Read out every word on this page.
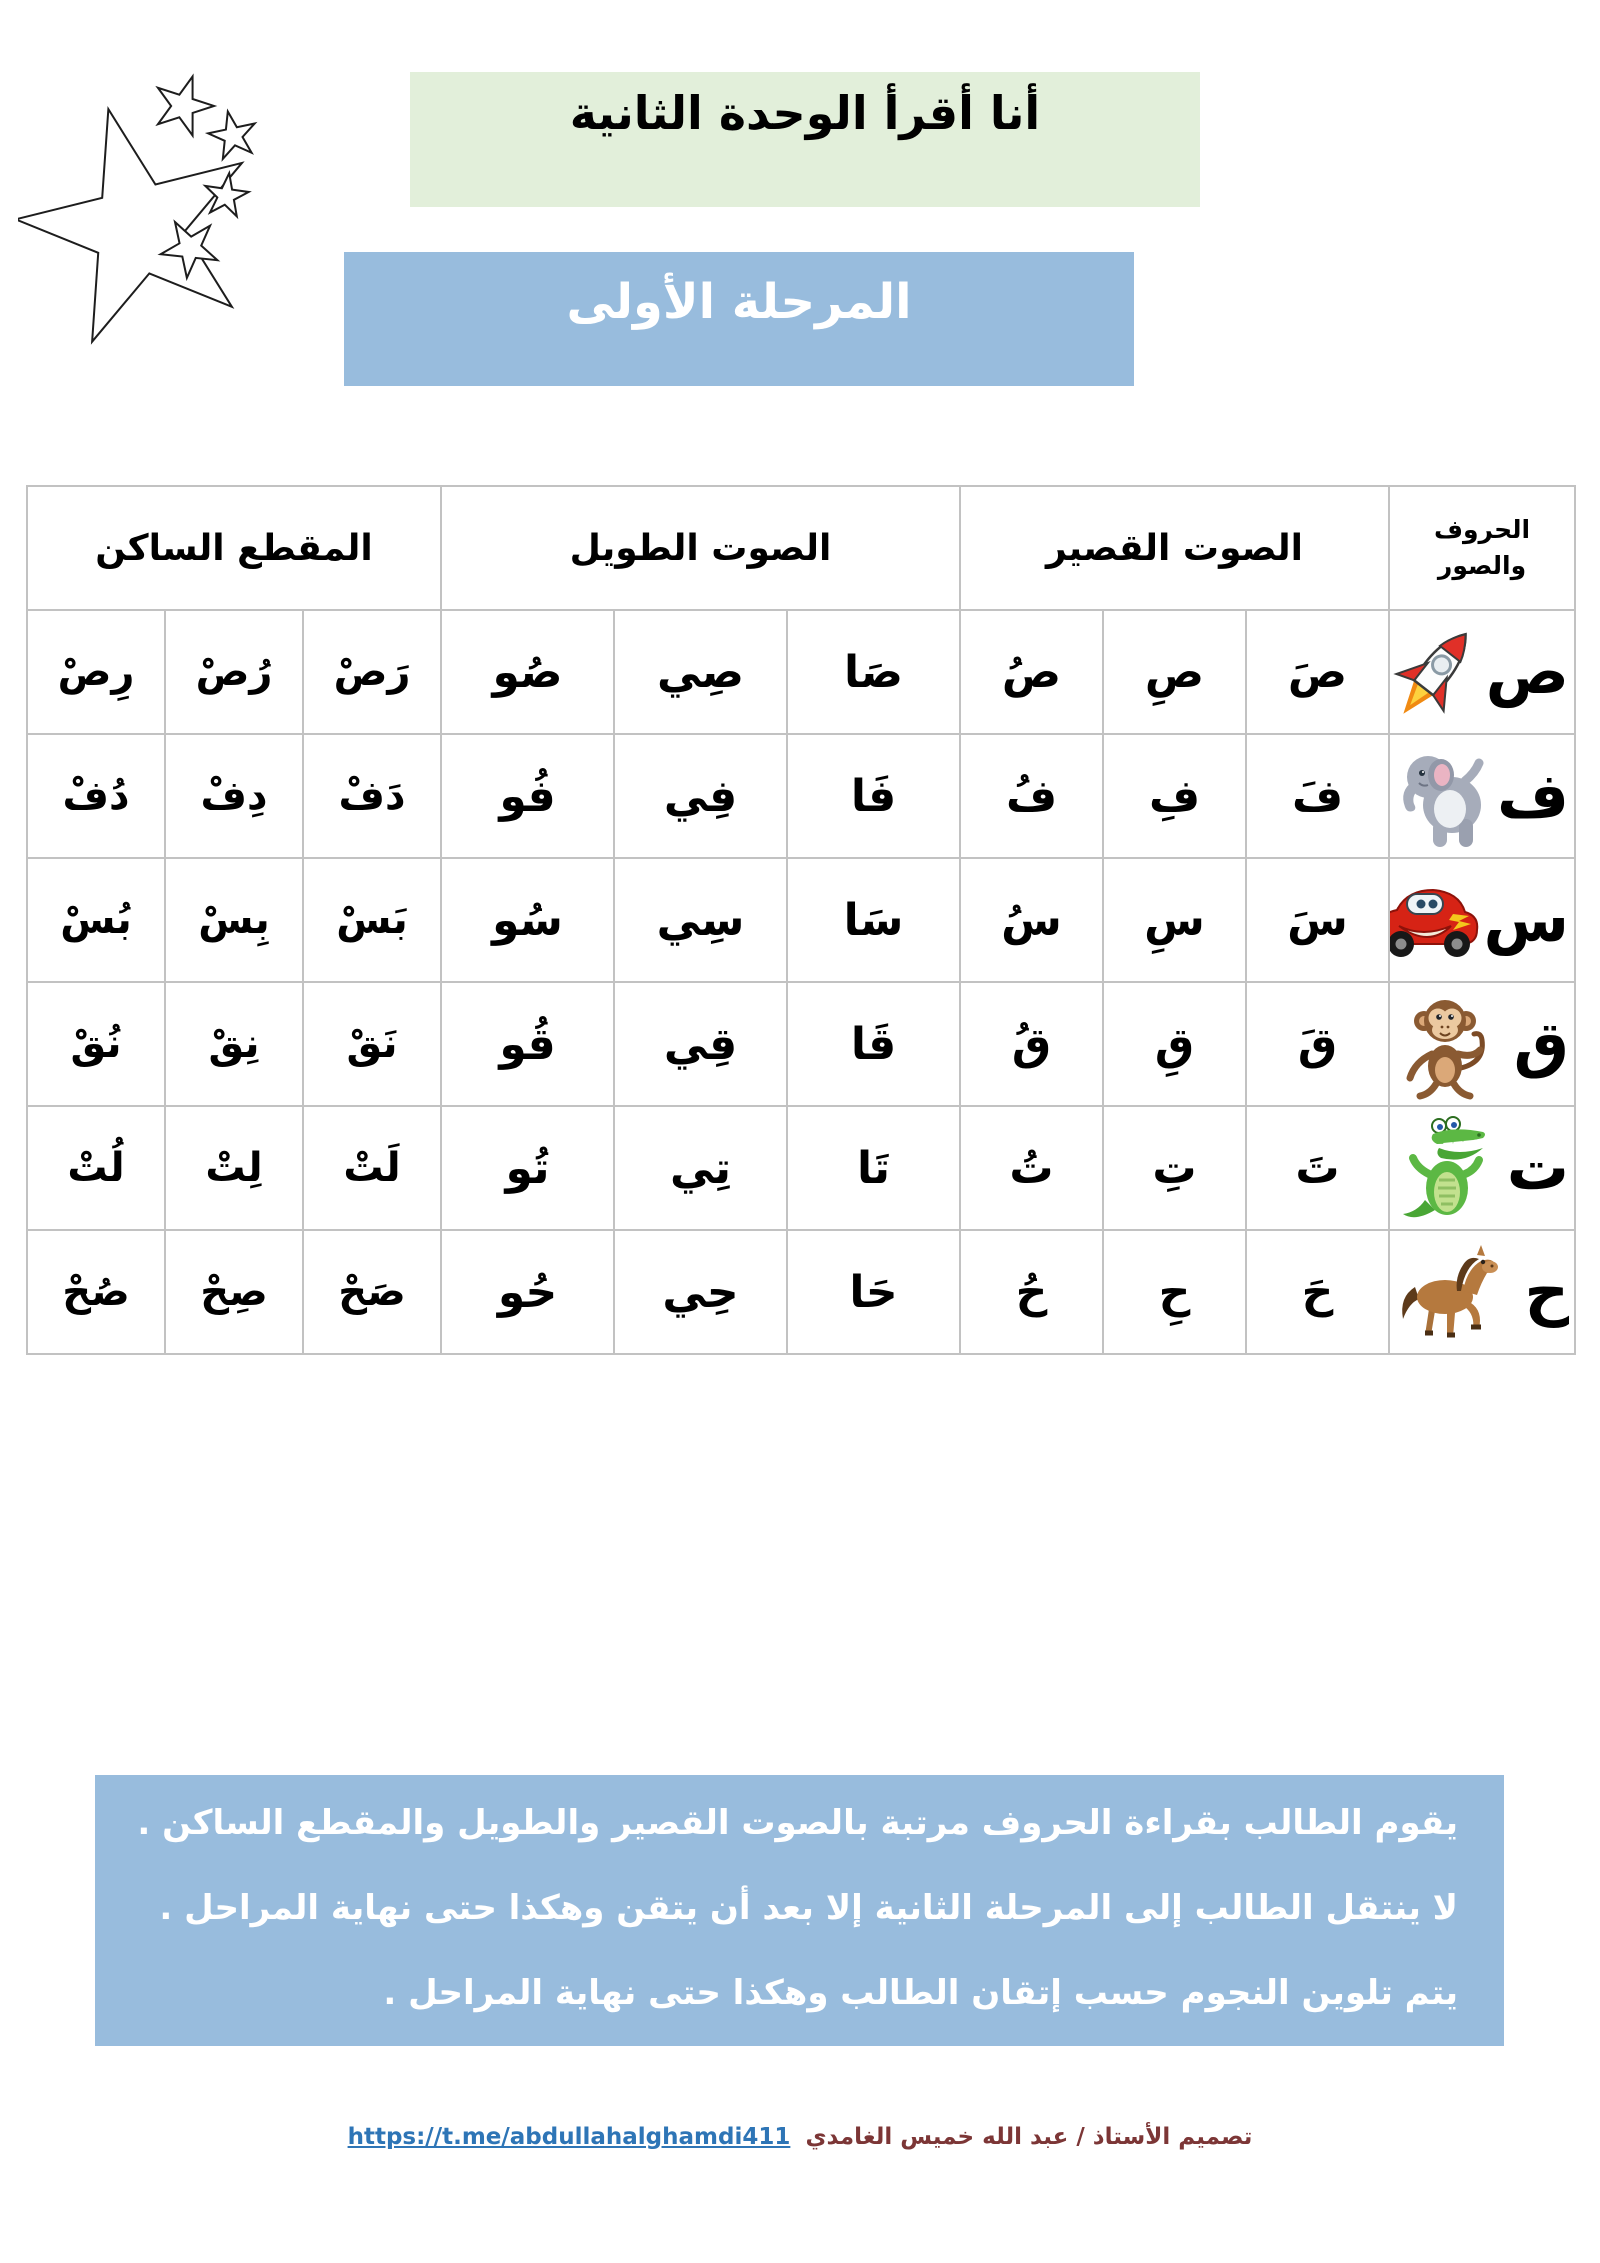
أنا أقرأ الوحدة الثانية
المرحلة الأولى
الحروف والصور	الصوت القصير			الصوت الطويل			المقطع الساكن		

ص	صَ	صِ	صُ	صَا	صِي	صُو	رَصْ	رُصْ	رِصْ

ف	فَ	فِ	فُ	فَا	فِي	فُو	دَفْ	دِفْ	دُفْ

س	سَ	سِ	سُ	سَا	سِي	سُو	بَسْ	بِسْ	بُسْ

ق	قَ	قِ	قُ	قَا	قِي	قُو	نَقْ	نِقْ	نُقْ

ت	تَ	تِ	تُ	تَا	تِي	تُو	لَتْ	لِتْ	لُتْ

ح	حَ	حِ	حُ	حَا	حِي	حُو	صَحْ	صِحْ	صُحْ

يقوم الطالب بقراءة الحروف مرتبة بالصوت القصير والطويل والمقطع الساكن .

لا ينتقل الطالب إلى المرحلة الثانية إلا بعد أن يتقن وهكذا حتى نهاية المراحل .

يتم تلوين النجوم حسب إتقان الطالب وهكذا حتى نهاية المراحل .

تصميم الأستاذ / عبد الله خميس الغامدي https://t.me/abdullahalghamdi411
